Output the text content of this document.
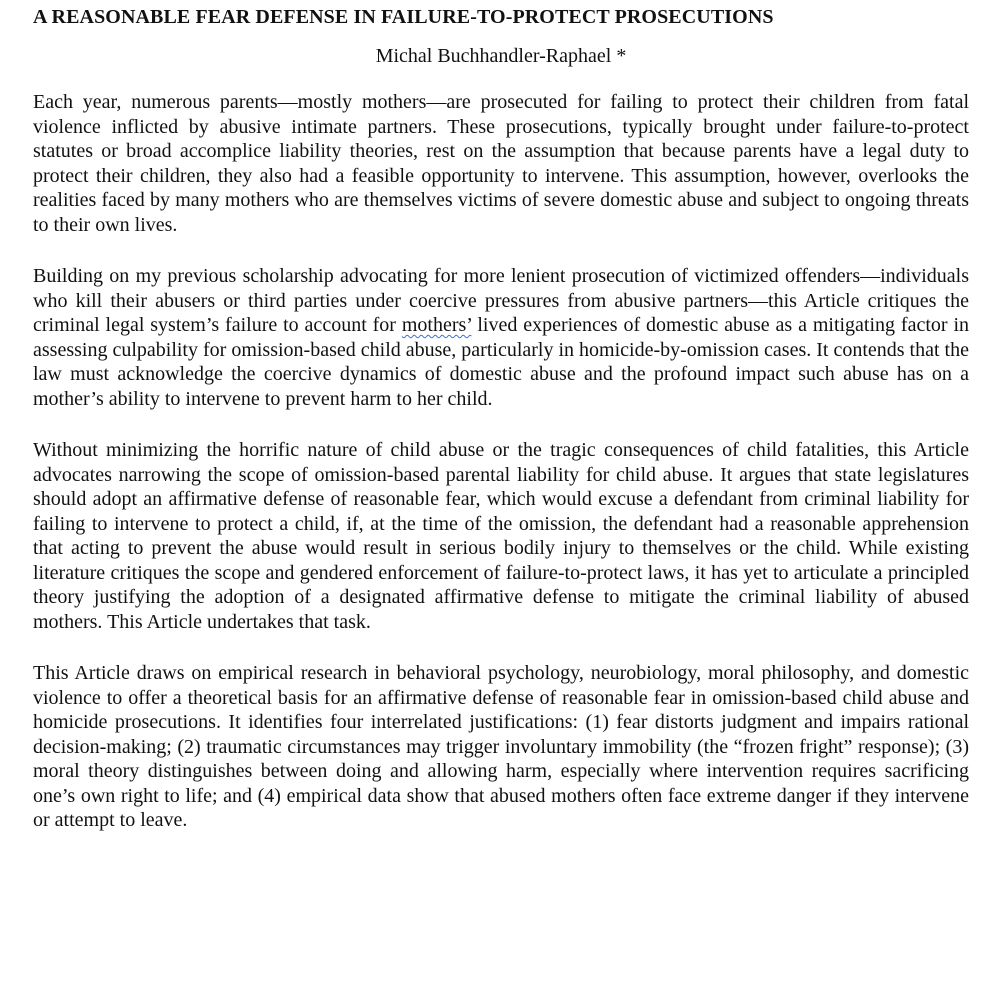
A REASONABLE FEAR DEFENSE IN FAILURE-TO-PROTECT PROSECUTIONS

Michal Buchhandler-Raphael *

Each year, numerous parents—mostly mothers—are prosecuted for failing to protect their children from fatal violence inflicted by abusive intimate partners. These prosecutions, typically brought under failure-to-protect statutes or broad accomplice liability theories, rest on the assumption that because parents have a legal duty to protect their children, they also had a feasible opportunity to intervene. This assumption, however, overlooks the realities faced by many mothers who are themselves victims of severe domestic abuse and subject to ongoing threats to their own lives.

Building on my previous scholarship advocating for more lenient prosecution of victimized offenders—individuals who kill their abusers or third parties under coercive pressures from abusive partners—this Article critiques the criminal legal system’s failure to account for mothers’ lived experiences of domestic abuse as a mitigating factor in assessing culpability for omission-based child abuse, particularly in homicide-by-omission cases. It contends that the law must acknowledge the coercive dynamics of domestic abuse and the profound impact such abuse has on a mother’s ability to intervene to prevent harm to her child.

Without minimizing the horrific nature of child abuse or the tragic consequences of child fatalities, this Article advocates narrowing the scope of omission-based parental liability for child abuse. It argues that state legislatures should adopt an affirmative defense of reasonable fear, which would excuse a defendant from criminal liability for failing to intervene to protect a child, if, at the time of the omission, the defendant had a reasonable apprehension that acting to prevent the abuse would result in serious bodily injury to themselves or the child. While existing literature critiques the scope and gendered enforcement of failure-to-protect laws, it has yet to articulate a principled theory justifying the adoption of a designated affirmative defense to mitigate the criminal liability of abused mothers. This Article undertakes that task.

This Article draws on empirical research in behavioral psychology, neurobiology, moral philosophy, and domestic violence to offer a theoretical basis for an affirmative defense of reasonable fear in omission-based child abuse and homicide prosecutions. It identifies four interrelated justifications: (1) fear distorts judgment and impairs rational decision-making; (2) traumatic circumstances may trigger involuntary immobility (the “frozen fright” response); (3) moral theory distinguishes between doing and allowing harm, especially where intervention requires sacrificing one’s own right to life; and (4) empirical data show that abused mothers often face extreme danger if they intervene or attempt to leave.
